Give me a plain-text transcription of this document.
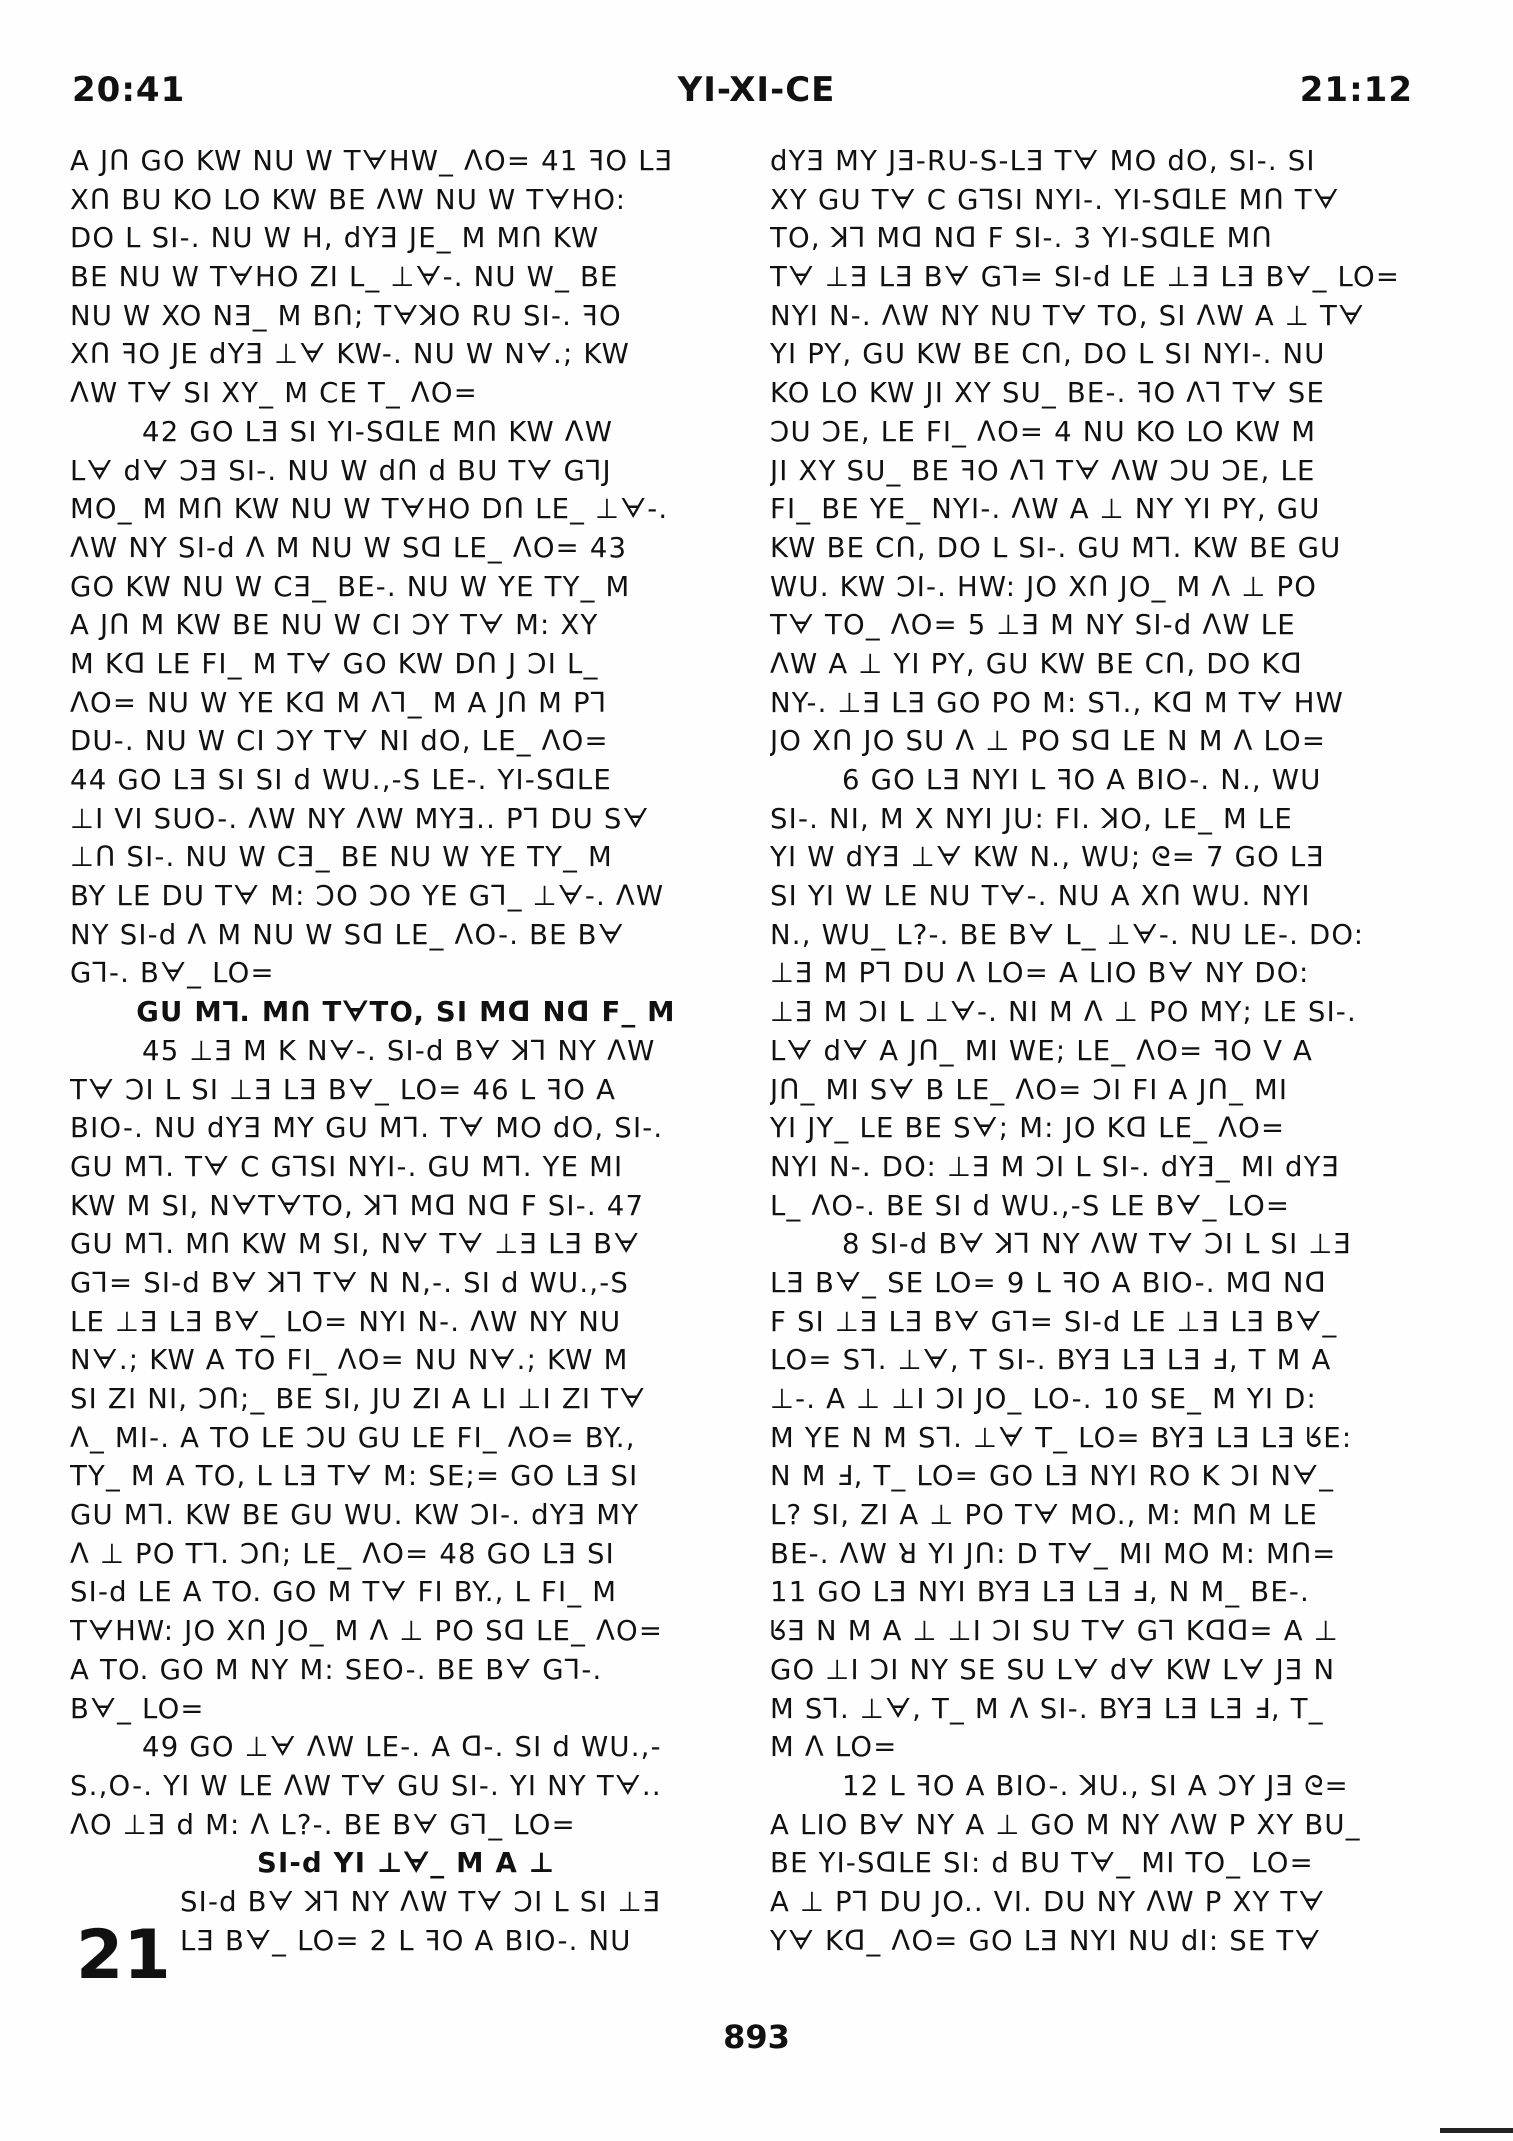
20:41	YI-XI-CE	21:12
A JՈ GO KW NU W TᗄHW_ ᐱO= 41 ꟻO LƎ
XՈ BU KO LO KW BE ᐱW NU W TᗄHO:
DO L SI-. NU W H, dYƎ JE_ M MՈ KW
BE NU W TᗄHO ZI L_ ⊥ᗄ-. NU W_ BE
NU W XO NƎ_ M BՈ; TᗄꓘO RU SI-. ꟻO
XՈ ꟻO JE dYƎ ⊥ᗄ KW-. NU W Nᗄ.; KW
ᐱW Tᗄ SI XY_ M CE T_ ᐱO=
42 GO LƎ SI YI-SᗡLE MՈ KW ᐱW
Lᗄ dᗄ ƆƎ SI-. NU W dՈ d BU Tᗄ GꓶJ
MO_ M MՈ KW NU W TᗄHO DՈ LE_ ⊥ᗄ-.
ᐱW NY SI-d ᐱ M NU W Sᗡ LE_ ᐱO= 43
GO KW NU W CƎ_ BE-. NU W YE TY_ M
A JՈ M KW BE NU W CI ƆY Tᗄ M: XY
M Kᗡ LE FI_ M Tᗄ GO KW DՈ J ƆI L_
ᐱO= NU W YE Kᗡ M ᐱꓶ_ M A JՈ M Pꓶ
DU-. NU W CI ƆY Tᗄ NI dO, LE_ ᐱO=
44 GO LƎ SI SI d WU.,-S LE-. YI-SᗡLE
⊥I VI SUO-. ᐱW NY ᐱW MYƎ.. Pꓶ DU Sᗄ
⊥Ո SI-. NU W CƎ_ BE NU W YE TY_ M
BY LE DU Tᗄ M: ƆO ƆO YE Gꓶ_ ⊥ᗄ-. ᐱW
NY SI-d ᐱ M NU W Sᗡ LE_ ᐱO-. BE Bᗄ
Gꓶ-. Bᗄ_ LO=
GU Mꓶ. MՈ TᗄTO, SI Mᗡ Nᗡ F_ M
45 ⊥Ǝ M K Nᗄ-. SI-d Bᗄ ꓘꓶ NY ᐱW
Tᗄ ƆI L SI ⊥Ǝ LƎ Bᗄ_ LO= 46 L ꟻO A
BIO-. NU dYƎ MY GU Mꓶ. Tᗄ MO dO, SI-.
GU Mꓶ. Tᗄ C GꓶSI NYI-. GU Mꓶ. YE MI
KW M SI, NᗄTᗄTO, ꓘꓶ Mᗡ Nᗡ F SI-. 47
GU Mꓶ. MՈ KW M SI, Nᗄ Tᗄ ⊥Ǝ LƎ Bᗄ
Gꓶ= SI-d Bᗄ ꓘꓶ Tᗄ N N,-. SI d WU.,-S
LE ⊥Ǝ LƎ Bᗄ_ LO= NYI N-. ᐱW NY NU
Nᗄ.; KW A TO FI_ ᐱO= NU Nᗄ.; KW M
SI ZI NI, ƆՈ;_ BE SI, JU ZI A LI ⊥I ZI Tᗄ
ᐱ_ MI-. A TO LE ƆU GU LE FI_ ᐱO= BY.,
TY_ M A TO, L LƎ Tᗄ M: SE;= GO LƎ SI
GU Mꓶ. KW BE GU WU. KW ƆI-. dYƎ MY
ᐱ ⊥ PO Tꓶ. ƆՈ; LE_ ᐱO= 48 GO LƎ SI
SI-d LE A TO. GO M Tᗄ FI BY., L FI_ M
TᗄHW: JO XՈ JO_ M ᐱ ⊥ PO Sᗡ LE_ ᐱO=
A TO. GO M NY M: SEO-. BE Bᗄ Gꓶ-.
Bᗄ_ LO=
49 GO ⊥ᗄ ᐱW LE-. A ᗡ-. SI d WU.,-
S.,O-. YI W LE ᐱW Tᗄ GU SI-. YI NY Tᗄ..
ᐱO ⊥Ǝ d M: ᐱ L?-. BE Bᗄ Gꓶ_ LO=
SI-d YI ⊥ᗄ_ M A ⊥
SI-d Bᗄ ꓘꓶ NY ᐱW Tᗄ ƆI L SI ⊥Ǝ
LƎ Bᗄ_ LO= 2 L ꟻO A BIO-. NU
dYƎ MY JƎ-RU-S-LƎ Tᗄ MO dO, SI-. SI
XY GU Tᗄ C GꓶSI NYI-. YI-SᗡLE MՈ Tᗄ
TO, ꓘꓶ Mᗡ Nᗡ F SI-. 3 YI-SᗡLE MՈ
Tᗄ ⊥Ǝ LƎ Bᗄ Gꓶ= SI-d LE ⊥Ǝ LƎ Bᗄ_ LO=
NYI N-. ᐱW NY NU Tᗄ TO, SI ᐱW A ⊥ Tᗄ
YI PY, GU KW BE CՈ, DO L SI NYI-. NU
KO LO KW JI XY SU_ BE-. ꟻO ᐱꓶ Tᗄ SE
ƆU ƆE, LE FI_ ᐱO= 4 NU KO LO KW M
JI XY SU_ BE ꟻO ᐱꓶ Tᗄ ᐱW ƆU ƆE, LE
FI_ BE YE_ NYI-. ᐱW A ⊥ NY YI PY, GU
KW BE CՈ, DO L SI-. GU Mꓶ. KW BE GU
WU. KW ƆI-. HW: JO XՈ JO_ M ᐱ ⊥ PO
Tᗄ TO_ ᐱO= 5 ⊥Ǝ M NY SI-d ᐱW LE
ᐱW A ⊥ YI PY, GU KW BE CՈ, DO Kᗡ
NY-. ⊥Ǝ LƎ GO PO M: Sꓶ., Kᗡ M Tᗄ HW
JO XՈ JO SU ᐱ ⊥ PO Sᗡ LE N M ᐱ LO=
6 GO LƎ NYI L ꟻO A BIO-. N., WU
SI-. NI, M X NYI JU: FI. ꓘO, LE_ M LE
YI W dYƎ ⊥ᗄ KW N., WU; ᘓ= 7 GO LƎ
SI YI W LE NU Tᗄ-. NU A XՈ WU. NYI
N., WU_ L?-. BE Bᗄ L_ ⊥ᗄ-. NU LE-. DO:
⊥Ǝ M Pꓶ DU ᐱ LO= A LIO Bᗄ NY DO:
⊥Ǝ M ƆI L ⊥ᗄ-. NI M ᐱ ⊥ PO MY; LE SI-.
Lᗄ dᗄ A JՈ_ MI WE; LE_ ᐱO= ꟻO V A
JՈ_ MI Sᗄ B LE_ ᐱO= ƆI FI A JՈ_ MI
YI JY_ LE BE Sᗄ; M: JO Kᗡ LE_ ᐱO=
NYI N-. DO: ⊥Ǝ M ƆI L SI-. dYƎ_ MI dYƎ
L_ ᐱO-. BE SI d WU.,-S LE Bᗄ_ LO=
8 SI-d Bᗄ ꓘꓶ NY ᐱW Tᗄ ƆI L SI ⊥Ǝ
LƎ Bᗄ_ SE LO= 9 L ꟻO A BIO-. Mᗡ Nᗡ
F SI ⊥Ǝ LƎ Bᗄ Gꓶ= SI-d LE ⊥Ǝ LƎ Bᗄ_
LO= Sꓶ. ⊥ᗄ, T SI-. BYƎ LƎ LƎ Ⅎ, T M A
⊥-. A ⊥ ⊥I ƆI JO_ LO-. 10 SE_ M YI D:
M YE N M Sꓶ. ⊥ᗄ T_ LO= BYƎ LƎ LƎ ᖉE:
N M Ⅎ, T_ LO= GO LƎ NYI RO K ƆI Nᗄ_
L? SI, ZI A ⊥ PO Tᗄ MO., M: MՈ M LE
BE-. ᐱW ꓤ YI JՈ: D Tᗄ_ MI MO M: MՈ=
11 GO LƎ NYI BYƎ LƎ LƎ Ⅎ, N M_ BE-.
ᖉƎ N M A ⊥ ⊥I ƆI SU Tᗄ Gꓶ Kᗡᗡ= A ⊥
GO ⊥I ƆI NY SE SU Lᗄ dᗄ KW Lᗄ JƎ N
M Sꓶ. ⊥ᗄ, T_ M ᐱ SI-. BYƎ LƎ LƎ Ⅎ, T_
M ᐱ LO=
12 L ꟻO A BIO-. ꓘU., SI A ƆY JƎ ᘓ=
A LIO Bᗄ NY A ⊥ GO M NY ᐱW P XY BU_
BE YI-SᗡLE SI: d BU Tᗄ_ MI TO_ LO=
A ⊥ Pꓶ DU JO.. VI. DU NY ᐱW P XY Tᗄ
Yᗄ Kᗡ_ ᐱO= GO LƎ NYI NU dI: SE Tᗄ
21
893
